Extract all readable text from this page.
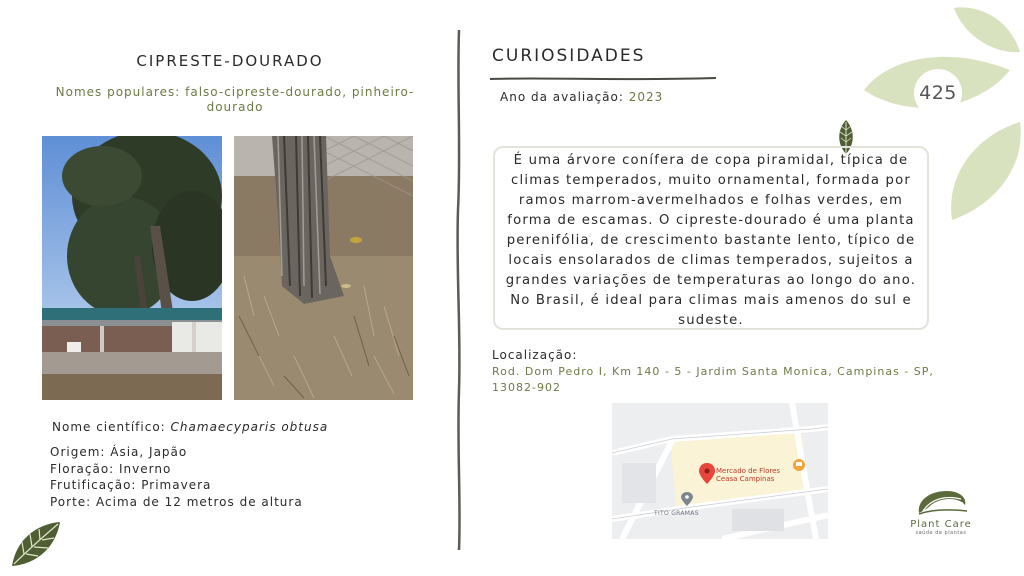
CIPRESTE-DOURADO
Nomes populares: falso-cipreste-dourado, pinheiro-dourado
Nome científico: Chamaecyparis obtusa
Origem: Ásia, Japão
Floração: Inverno
Frutificação: Primavera
Porte: Acima de 12 metros de altura
CURIOSIDADES
Ano da avaliação: 2023
É uma árvore conífera de copa piramidal, típica de climas temperados, muito ornamental, formada por ramos marrom-avermelhados e folhas verdes, em forma de escamas. O cipreste-dourado é uma planta perenifólia, de crescimento bastante lento, típico de locais ensolarados de climas temperados, sujeitos a grandes variações de temperaturas ao longo do ano. No Brasil, é ideal para climas mais amenos do sul e sudeste.
Localização:
Rod. Dom Pedro I, Km 140 - 5 - Jardim Santa Monica, Campinas - SP, 13082-902
Mercado de Flores
Ceasa Campinas
TITO GRAMAS
425
Plant Care
saúde de plantas
